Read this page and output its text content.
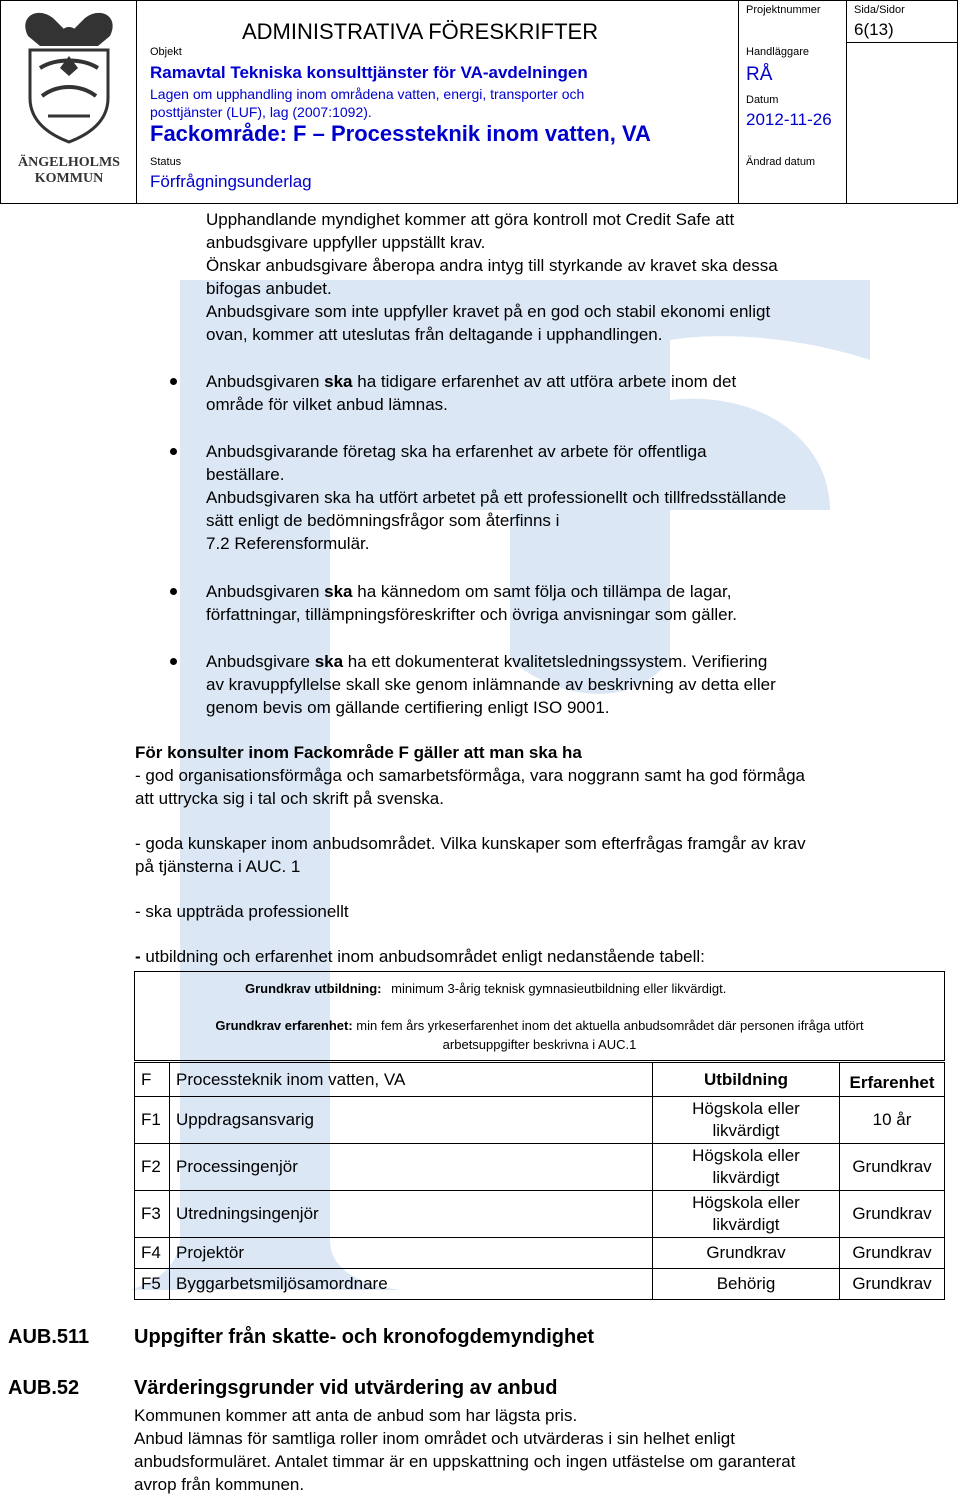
ÄNGELHOLMS
KOMMUN
ADMINISTRATIVA FÖRESKRIFTER
Projektnummer	Sida/Sidor
6(13)
Objekt
Ramavtal Tekniska konsulttjänster för VA-avdelningen
Lagen om upphandling inom områdena vatten, energi, transporter och
posttjänster (LUF), lag (2007:1092).
Fackområde: F – Processteknik inom vatten, VA
Handläggare
RÅ
Datum
2012-11-26
Status
Förfrågningsunderlag
Ändrad datum
Upphandlande myndighet kommer att göra kontroll mot Credit Safe att
anbudsgivare uppfyller uppställt krav.
Önskar anbudsgivare åberopa andra intyg till styrkande av kravet ska dessa
bifogas anbudet.
Anbudsgivare som inte uppfyller kravet på en god och stabil ekonomi enligt
ovan, kommer att uteslutas från deltagande i upphandlingen.
Anbudsgivaren ska ha tidigare erfarenhet av att utföra arbete inom det
område för vilket anbud lämnas.
Anbudsgivarande företag ska ha erfarenhet av arbete för offentliga
beställare.
Anbudsgivaren ska ha utfört arbetet på ett professionellt och tillfredsställande
sätt enligt de bedömningsfrågor som återfinns i
7.2 Referensformulär.
Anbudsgivaren ska ha kännedom om samt följa och tillämpa de lagar,
författningar, tillämpningsföreskrifter och övriga anvisningar som gäller.
Anbudsgivare ska ha ett dokumenterat kvalitetsledningssystem. Verifiering
av kravuppfyllelse skall ske genom inlämnande av beskrivning av detta eller
genom bevis om gällande certifiering enligt ISO 9001.
För konsulter inom Fackområde F gäller att man ska ha
- god organisationsförmåga och samarbetsförmåga, vara noggrann samt ha god förmåga
att uttrycka sig i tal och skrift på svenska.
- goda kunskaper inom anbudsområdet. Vilka kunskaper som efterfrågas framgår av krav
på tjänsterna i AUC. 1
- ska uppträda professionellt
- utbildning och erfarenhet inom anbudsområdet enligt nedanstående tabell:
Grundkrav utbildning: minimum 3-årig teknisk gymnasieutbildning eller likvärdigt.
Grundkrav erfarenhet: min fem års yrkeserfarenhet inom det aktuella anbudsområdet där personen ifråga utfört
arbetsuppgifter beskrivna i AUC.1
F	Processteknik inom vatten, VA	Utbildning	Erfarenhet
F1	Uppdragsansvarig	Högskola eller
likvärdigt	10 år
F2	Processingenjör	Högskola eller
likvärdigt	Grundkrav
F3	Utredningsingenjör	Högskola eller
likvärdigt	Grundkrav
F4	Projektör	Grundkrav	Grundkrav
F5	Byggarbetsmiljösamordnare	Behörig	Grundkrav
AUB.511 Uppgifter från skatte- och kronofogdemyndighet
AUB.52	Värderingsgrunder vid utvärdering av anbud
Kommunen kommer att anta de anbud som har lägsta pris.
Anbud lämnas för samtliga roller inom området och utvärderas i sin helhet enligt
anbudsformuläret. Antalet timmar är en uppskattning och ingen utfästelse om garanterat
avrop från kommunen.
